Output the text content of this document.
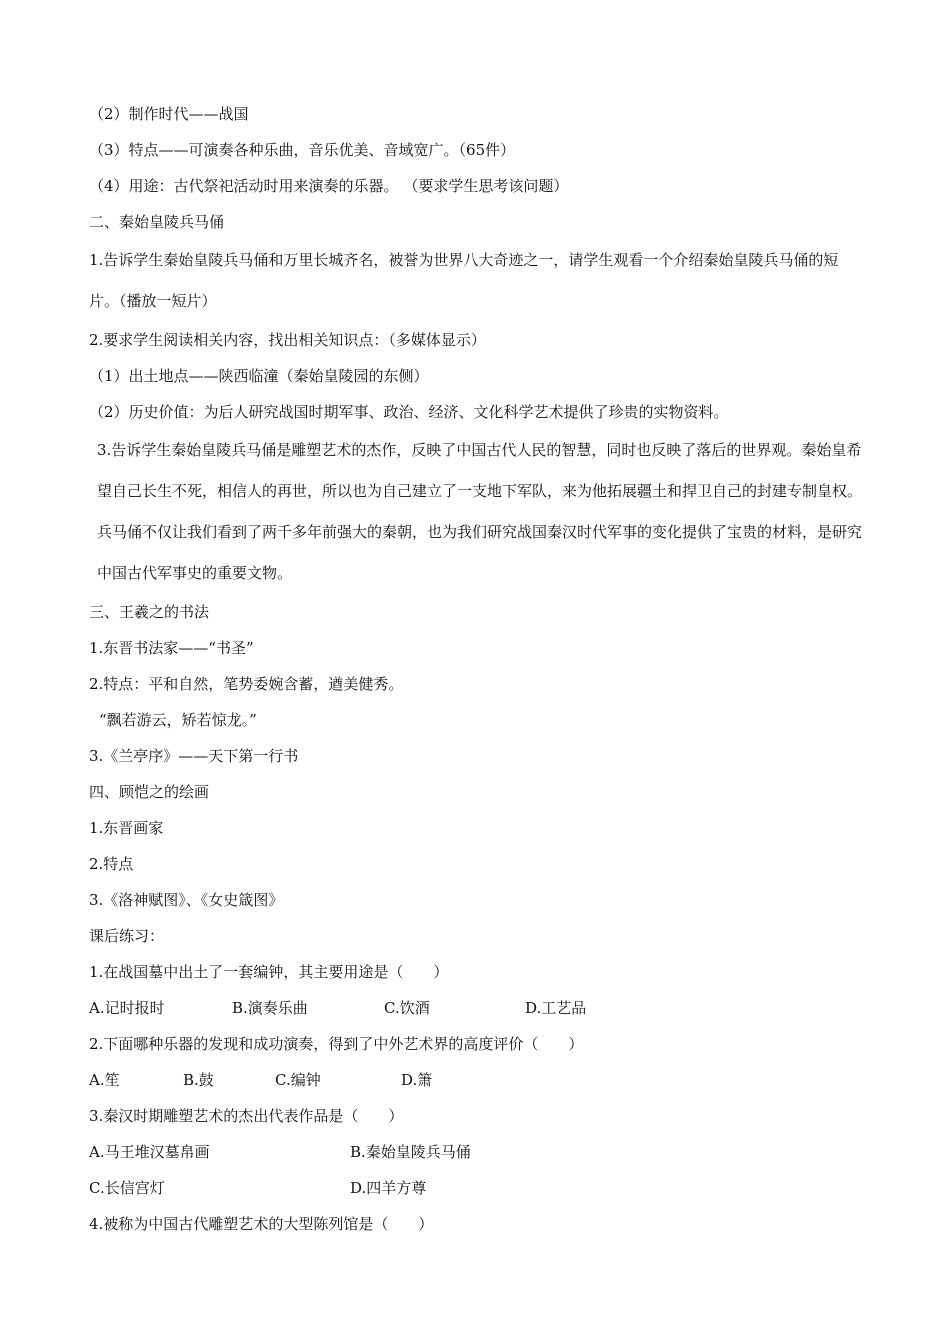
（2）制作时代——战国
（3）特点——可演奏各种乐曲，音乐优美、音域宽广。（65件）
（4）用途：古代祭祀活动时用来演奏的乐器。 （要求学生思考该问题）
二、秦始皇陵兵马俑
1.告诉学生秦始皇陵兵马俑和万里长城齐名，被誉为世界八大奇迹之一，请学生观看一个介绍秦始皇陵兵马俑的短片。（播放一短片）
2.要求学生阅读相关内容，找出相关知识点：（多媒体显示）
（1）出土地点——陕西临潼（秦始皇陵园的东侧）
（2）历史价值：为后人研究战国时期军事、政治、经济、文化科学艺术提供了珍贵的实物资料。
3.告诉学生秦始皇陵兵马俑是雕塑艺术的杰作，反映了中国古代人民的智慧，同时也反映了落后的世界观。秦始皇希望自己长生不死，相信人的再世，所以也为自己建立了一支地下军队，来为他拓展疆土和捍卫自己的封建专制皇权。兵马俑不仅让我们看到了两千多年前强大的秦朝，也为我们研究战国秦汉时代军事的变化提供了宝贵的材料，是研究中国古代军事史的重要文物。
三、王羲之的书法
1.东晋书法家——“书圣”
2.特点：平和自然，笔势委婉含蓄，遒美健秀。
“飘若游云，矫若惊龙。”
3.《兰亭序》——天下第一行书
四、顾恺之的绘画
1.东晋画家
2.特点
3.《洛神赋图》、《女史箴图》
课后练习：
1.在战国墓中出土了一套编钟，其主要用途是（　　）
A.记时报时	B.演奏乐曲	C.饮酒	D.工艺品
2.下面哪种乐器的发现和成功演奏，得到了中外艺术界的高度评价（　　）
A.笙	B.鼓	C.编钟	D.箫
3.秦汉时期雕塑艺术的杰出代表作品是（　　）
A.马王堆汉墓帛画	B.秦始皇陵兵马俑
C.长信宫灯	D.四羊方尊
4.被称为中国古代雕塑艺术的大型陈列馆是（　　）
